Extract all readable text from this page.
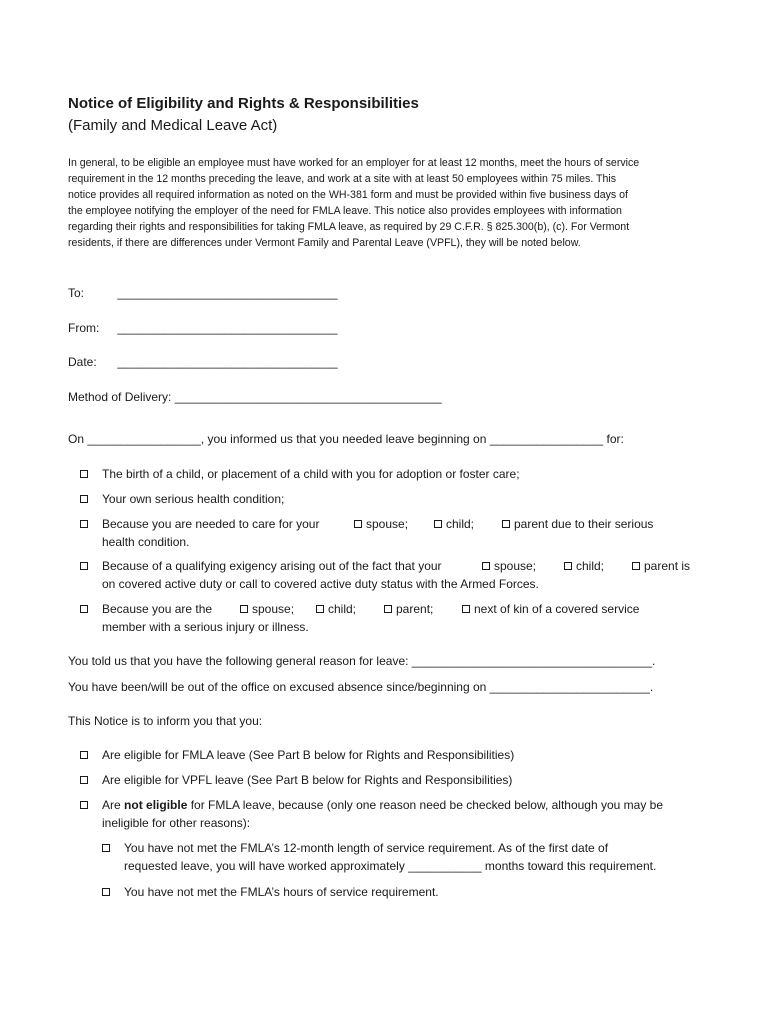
Notice of Eligibility and Rights & Responsibilities
(Family and Medical Leave Act)
In general, to be eligible an employee must have worked for an employer for at least 12 months, meet the hours of service
requirement in the 12 months preceding the leave, and work at a site with at least 50 employees within 75 miles. This
notice provides all required information as noted on the WH-381 form and must be provided within five business days of
the employee notifying the employer of the need for FMLA leave. This notice also provides employees with information
regarding their rights and responsibilities for taking FMLA leave, as required by 29 C.F.R. § 825.300(b), (c). For Vermont
residents, if there are differences under Vermont Family and Parental Leave (VPFL), they will be noted below.
To:	_________________________________
From: _________________________________
Date: _________________________________
Method of Delivery: ________________________________________
On _________________, you informed us that you needed leave beginning on _________________ for:
The birth of a child, or placement of a child with you for adoption or foster care;
Your own serious health condition;
Because you are needed to care for your	spouse;	child;	parent due to their serious
health condition.
Because of a qualifying exigency arising out of the fact that your	spouse;	child;	parent is
on covered active duty or call to covered active duty status with the Armed Forces.
Because you are the	spouse;	child;	parent;	next of kin of a covered service
member with a serious injury or illness.
You told us that you have the following general reason for leave: ____________________________________.
You have been/will be out of the office on excused absence since/beginning on ________________________.
This Notice is to inform you that you:
Are eligible for FMLA leave (See Part B below for Rights and Responsibilities)
Are eligible for VPFL leave (See Part B below for Rights and Responsibilities)
Are not eligible for FMLA leave, because (only one reason need be checked below, although you may be
ineligible for other reasons):
You have not met the FMLA’s 12-month length of service requirement. As of the first date of
requested leave, you will have worked approximately ___________ months toward this requirement.
You have not met the FMLA’s hours of service requirement.
